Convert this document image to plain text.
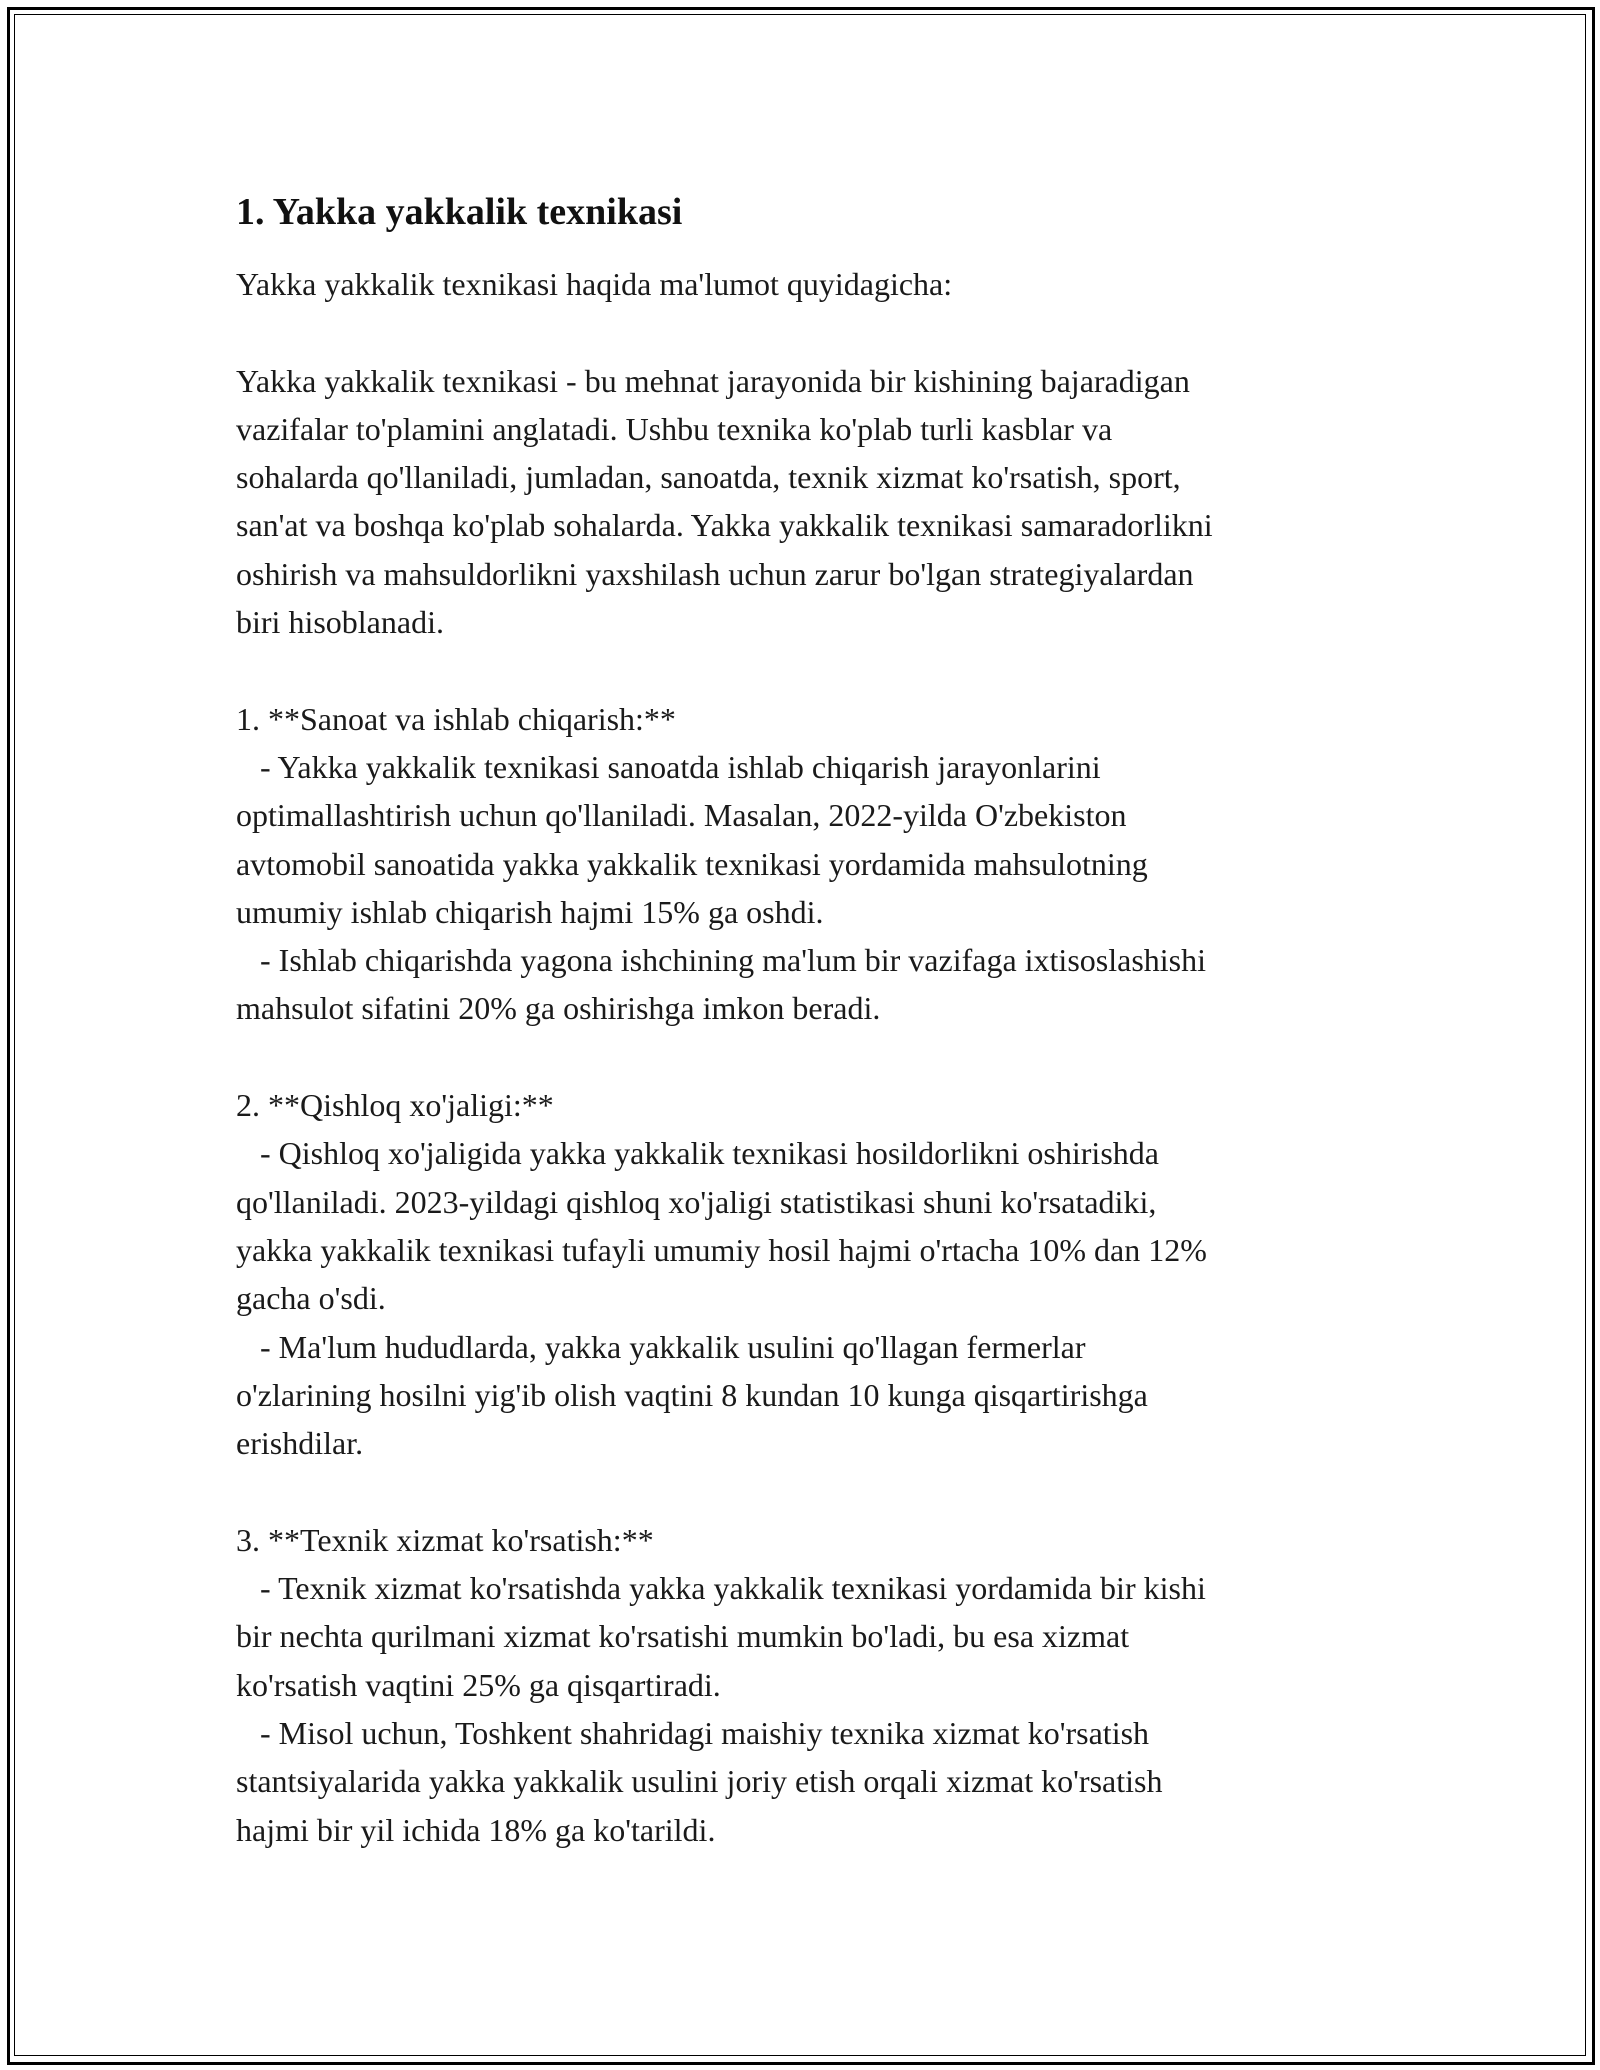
1. Yakka yakkalik texnikasi

Yakka yakkalik texnikasi haqida ma'lumot quyidagicha:

Yakka yakkalik texnikasi - bu mehnat jarayonida bir kishining bajaradigan
vazifalar to'plamini anglatadi. Ushbu texnika ko'plab turli kasblar va
sohalarda qo'llaniladi, jumladan, sanoatda, texnik xizmat ko'rsatish, sport,
san'at va boshqa ko'plab sohalarda. Yakka yakkalik texnikasi samaradorlikni
oshirish va mahsuldorlikni yaxshilash uchun zarur bo'lgan strategiyalardan
biri hisoblanadi.

1. **Sanoat va ishlab chiqarish:**
- Yakka yakkalik texnikasi sanoatda ishlab chiqarish jarayonlarini
optimallashtirish uchun qo'llaniladi. Masalan, 2022-yilda O'zbekiston
avtomobil sanoatida yakka yakkalik texnikasi yordamida mahsulotning
umumiy ishlab chiqarish hajmi 15% ga oshdi.
- Ishlab chiqarishda yagona ishchining ma'lum bir vazifaga ixtisoslashishi
mahsulot sifatini 20% ga oshirishga imkon beradi.

2. **Qishloq xo'jaligi:**
- Qishloq xo'jaligida yakka yakkalik texnikasi hosildorlikni oshirishda
qo'llaniladi. 2023-yildagi qishloq xo'jaligi statistikasi shuni ko'rsatadiki,
yakka yakkalik texnikasi tufayli umumiy hosil hajmi o'rtacha 10% dan 12%
gacha o'sdi.
- Ma'lum hududlarda, yakka yakkalik usulini qo'llagan fermerlar
o'zlarining hosilni yig'ib olish vaqtini 8 kundan 10 kunga qisqartirishga
erishdilar.

3. **Texnik xizmat ko'rsatish:**
- Texnik xizmat ko'rsatishda yakka yakkalik texnikasi yordamida bir kishi
bir nechta qurilmani xizmat ko'rsatishi mumkin bo'ladi, bu esa xizmat
ko'rsatish vaqtini 25% ga qisqartiradi.
- Misol uchun, Toshkent shahridagi maishiy texnika xizmat ko'rsatish
stantsiyalarida yakka yakkalik usulini joriy etish orqali xizmat ko'rsatish
hajmi bir yil ichida 18% ga ko'tarildi.
